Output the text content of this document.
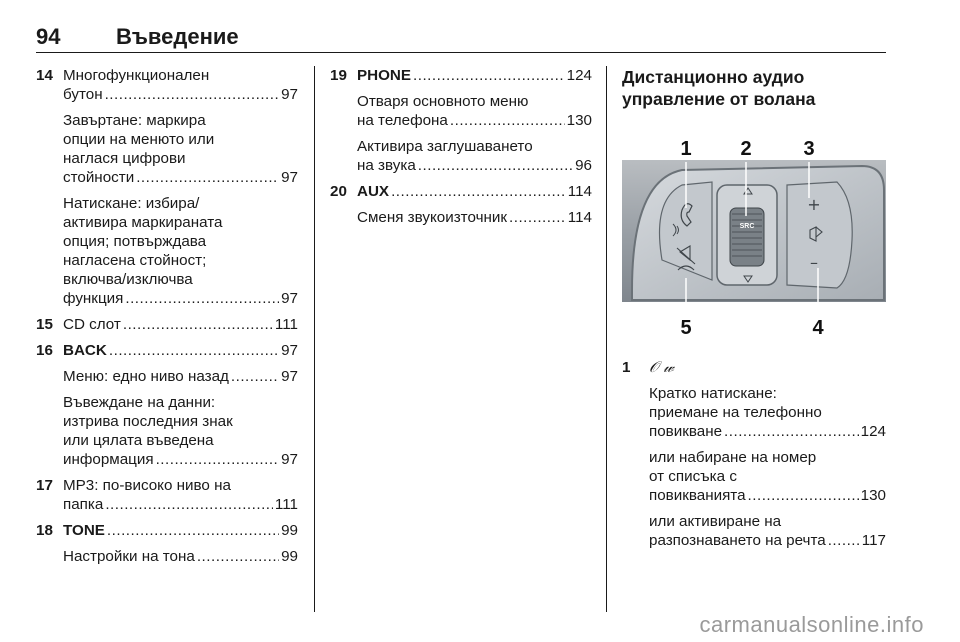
94	Въведение
14 Многофункционален
бутон .....	97
Завъртане: маркира
опции на менюто или
наглася цифрови
стойности .....	97
Натискане: избира/
активира маркираната
опция; потвърждава
нагласена стойност;
включва/изключва
функция .....	97
15 CD слот .....	111
16 BACK .....	97
Меню: едно ниво назад .....	97
Въвеждане на данни:
изтрива последния знак
или цялата въведена
информация .....	97
17 MP3: по-високо ниво на
папка .....	111
18 TONE .....	99
Настройки на тона .....	99
19 PHONE .....	124
Отваря основното меню
на телефона .....	130
Активира заглушаването
на звука .....	96
20 AUX .....	114
Сменя звукоизточник .....	114
Дистанционно аудио
управление от волана
SRC
+
–
1 2	3
4
5
1 𝒪 𝓌
Кратко натискане:
приемане на телефонно
повикване .....	124
или набиране на номер
от списъка с
повикванията .....	130
или активиране на
разпознаването на речта ..... 117
carmanualsonline.info
